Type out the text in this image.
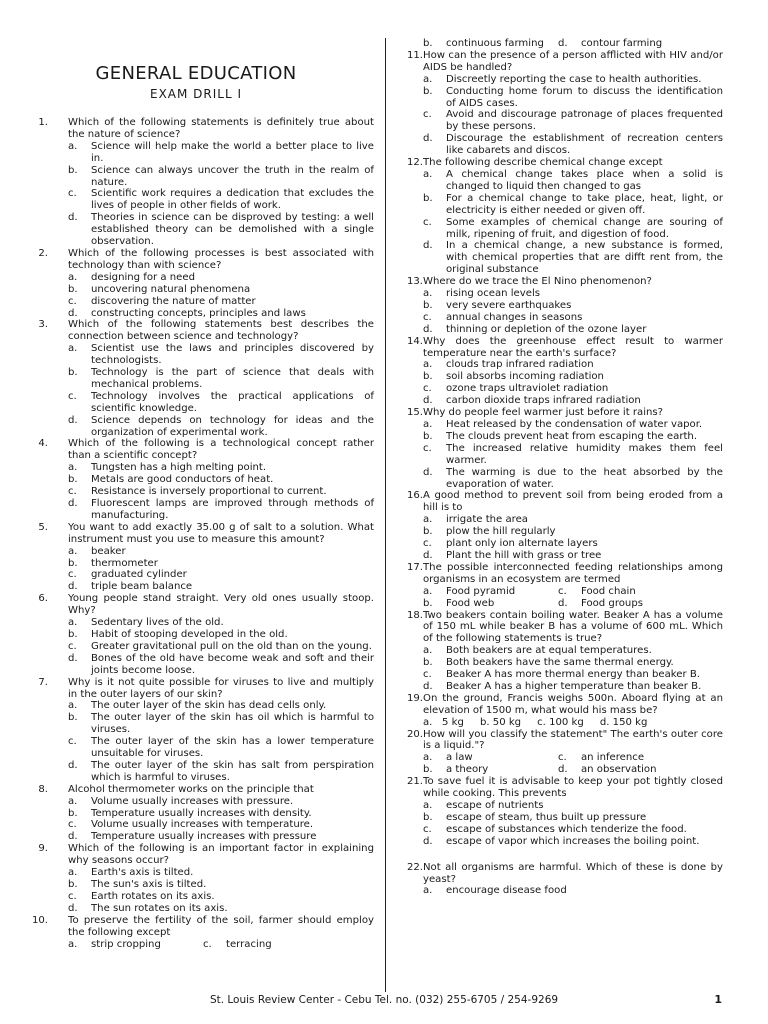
GENERAL EDUCATION
EXAM DRILL I
1.	Which of the following statements is definitely true about the nature of science?
a.	Science will help make the world a better place to live in.
b.	Science can always uncover the truth in the realm of nature.
c.	Scientific work requires a dedication that excludes the lives of people in other fields of work.
d.	Theories in science can be disproved by testing: a well established theory can be demolished with a single observation.
2.	Which of the following processes is best associated with technology than with science?
a.	designing for a need
b.	uncovering natural phenomena
c.	discovering the nature of matter
d.	constructing concepts, principles and laws
3.	Which of the following statements best describes the connection between science and technology?
a.	Scientist use the laws and principles discovered by technologists.
b.	Technology is the part of science that deals with mechanical problems.
c.	Technology involves the practical applications of scientific knowledge.
d.	Science depends on technology for ideas and the organization of experimental work.
4.	Which of the following is a technological concept rather than a scientific concept?
a.	Tungsten has a high melting point.
b.	Metals are good conductors of heat.
c.	Resistance is inversely proportional to current.
d.	Fluorescent lamps are improved through methods of manufacturing.
5.	You want to add exactly 35.00 g of salt to a solution. What instrument must you use to measure this amount?
a.	beaker
b.	thermometer
c.	graduated cylinder
d.	triple beam balance
6.	Young people stand straight. Very old ones usually stoop. Why?
a.	Sedentary lives of the old.
b.	Habit of stooping developed in the old.
c.	Greater gravitational pull on the old than on the young.
d.	Bones of the old have become weak and soft and their joints become loose.
7.	Why is it not quite possible for viruses to live and multiply in the outer layers of our skin?
a.	The outer layer of the skin has dead cells only.
b.	The outer layer of the skin has oil which is harmful to viruses.
c.	The outer layer of the skin has a lower temperature unsuitable for viruses.
d.	The outer layer of the skin has salt from perspiration which is harmful to viruses.
8.	Alcohol thermometer works on the principle that
a.	Volume usually increases with pressure.
b.	Temperature usually increases with density.
c.	Volume usually increases with temperature.
d.	Temperature usually increases with pressure
9.	Which of the following is an important factor in explaining why seasons occur?
a.	Earth's axis is tilted.
b.	The sun's axis is tilted.
c.	Earth rotates on its axis.
d.	The sun rotates on its axis.
10.	To preserve the fertility of the soil, farmer should employ the following except
a.	strip cropping	c.	terracing
b.	continuous farming	d.	contour farming
11. How can the presence of a person afflicted with HIV and/or AIDS be handled?
a.	Discreetly reporting the case to health authorities.
b.	Conducting home forum to discuss the identification of AIDS cases.
c.	Avoid and discourage patronage of places frequented by these persons.
d.	Discourage the establishment of recreation centers like cabarets and discos.
12. The following describe chemical change except
a.	A chemical change takes place when a solid is changed to liquid then changed to gas
b.	For a chemical change to take place, heat, light, or electricity is either needed or given off.
c.	Some examples of chemical change are souring of milk, ripening of fruit, and digestion of food.
d.	In a chemical change, a new substance is formed, with chemical properties that are difft rent from, the original substance
13. Where do we trace the El Nino phenomenon?
a.	rising ocean levels
b.	very severe earthquakes
c.	annual changes in seasons
d.	thinning or depletion of the ozone layer
14. Why does the greenhouse effect result to warmer temperature near the earth's surface?
a.	clouds trap infrared radiation
b.	soil absorbs incoming radiation
c.	ozone traps ultraviolet radiation
d.	carbon dioxide traps infrared radiation
15. Why do people feel warmer just before it rains?
a.	Heat released by the condensation of water vapor.
b.	The clouds prevent heat from escaping the earth.
c.	The increased relative humidity makes them feel warmer.
d.	The warming is due to the heat absorbed by the evaporation of water.
16. A good method to prevent soil from being eroded from a hill is to
a.	irrigate the area
b.	plow the hill regularly
c.	plant only ion alternate layers
d.	Plant the hill with grass or tree
17. The possible interconnected feeding relationships among organisms in an ecosystem are termed
a.	Food pyramid	c.	Food chain
b.	Food web	d.	Food groups
18. Two beakers contain boiling water. Beaker A has a volume of 150 mL while beaker B has a volume of 600 mL. Which of the following statements is true?
a.	Both beakers are at equal temperatures.
b.	Both beakers have the same thermal energy.
c.	Beaker A has more thermal energy than beaker B.
d.	Beaker A has a higher temperature than beaker B.
19. On the ground, Francis weighs 500n. Aboard flying at an elevation of 1500 m, what would his mass be?
a.   5 kg     b. 50 kg     c. 100 kg     d. 150 kg
20. How will you classify the statement" The earth's outer core is a liquid."?
a.	a law	c.	an inference
b.	a theory	d.	an observation
21. To save fuel it is advisable to keep your pot tightly closed while cooking. This prevents
a.	escape of nutrients
b.	escape of steam, thus built up pressure
c.	escape of substances which tenderize the food.
d.	escape of vapor which increases the boiling point.
22. Not all organisms are harmful. Which of these is done by yeast?
a.	encourage disease food
St. Louis Review Center - Cebu Tel. no. (032) 255-6705 / 254-9269	1
